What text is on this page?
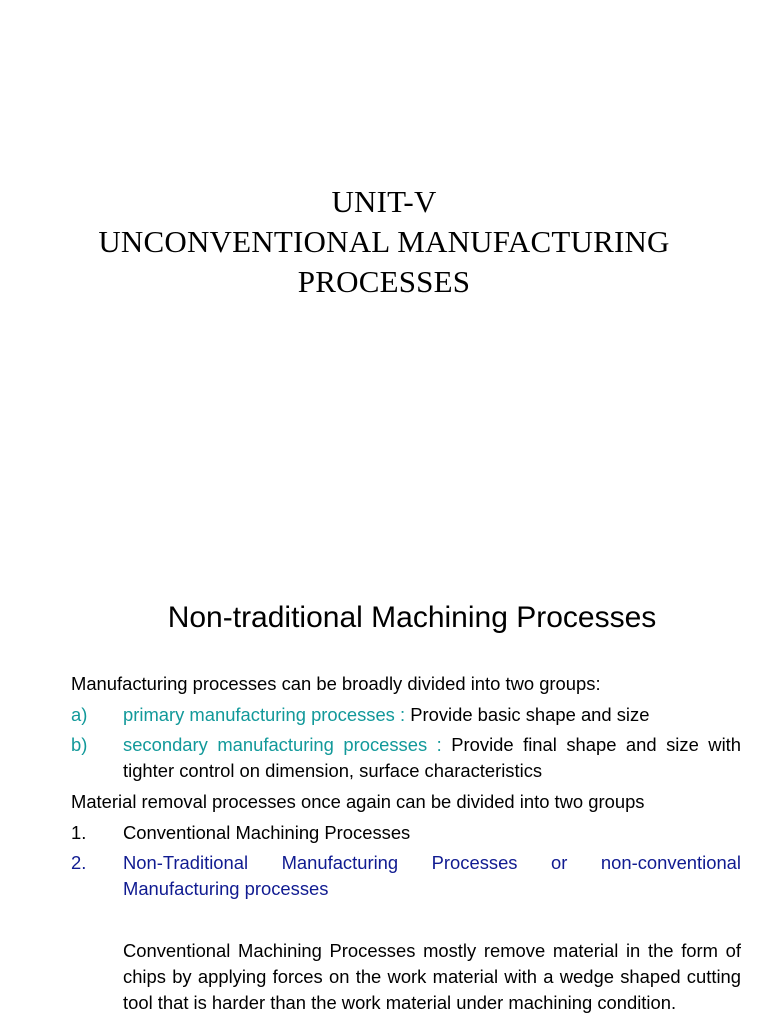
UNIT-V
UNCONVENTIONAL MANUFACTURING
PROCESSES
Non-traditional Machining Processes
Manufacturing processes can be broadly divided into two groups:
a) primary manufacturing processes : Provide basic shape and size
b) secondary manufacturing processes : Provide final shape and size with tighter control on dimension, surface characteristics
Material removal processes once again can be divided into two groups
1. Conventional Machining Processes
2. Non-Traditional Manufacturing Processes or non-conventional Manufacturing processes
Conventional Machining Processes mostly remove material in the form of chips by applying forces on the work material with a wedge shaped cutting tool that is harder than the work material under machining condition.
